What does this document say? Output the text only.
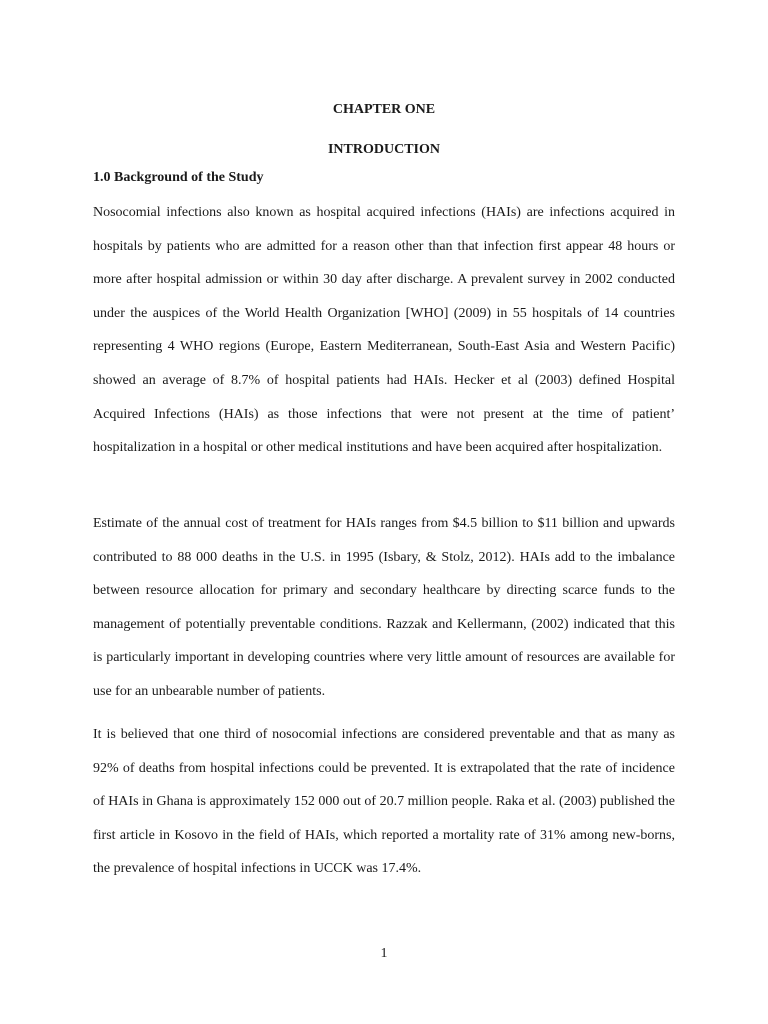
CHAPTER ONE
INTRODUCTION
1.0 Background of the Study

Nosocomial infections also known as hospital acquired infections (HAIs) are infections acquired in hospitals by patients who are admitted for a reason other than that infection first appear 48 hours or more after hospital admission or within 30 day after discharge. A prevalent survey in 2002 conducted under the auspices of the World Health Organization [WHO] (2009) in 55 hospitals of 14 countries representing 4 WHO regions (Europe, Eastern Mediterranean, South-East Asia and Western Pacific) showed an average of 8.7% of hospital patients had HAIs. Hecker et al (2003) defined Hospital Acquired Infections (HAIs) as those infections that were not present at the time of patient’ hospitalization in a hospital or other medical institutions and have been acquired after hospitalization.

Estimate of the annual cost of treatment for HAIs ranges from $4.5 billion to $11 billion and upwards contributed to 88 000 deaths in the U.S. in 1995 (Isbary, & Stolz, 2012). HAIs add to the imbalance between resource allocation for primary and secondary healthcare by directing scarce funds to the management of potentially preventable conditions. Razzak and Kellermann, (2002) indicated that this is particularly important in developing countries where very little amount of resources are available for use for an unbearable number of patients.

It is believed that one third of nosocomial infections are considered preventable and that as many as 92% of deaths from hospital infections could be prevented. It is extrapolated that the rate of incidence of HAIs in Ghana is approximately 152 000 out of 20.7 million people. Raka et al. (2003) published the first article in Kosovo in the field of HAIs, which reported a mortality rate of 31% among new-borns, the prevalence of hospital infections in UCCK was 17.4%.

1
